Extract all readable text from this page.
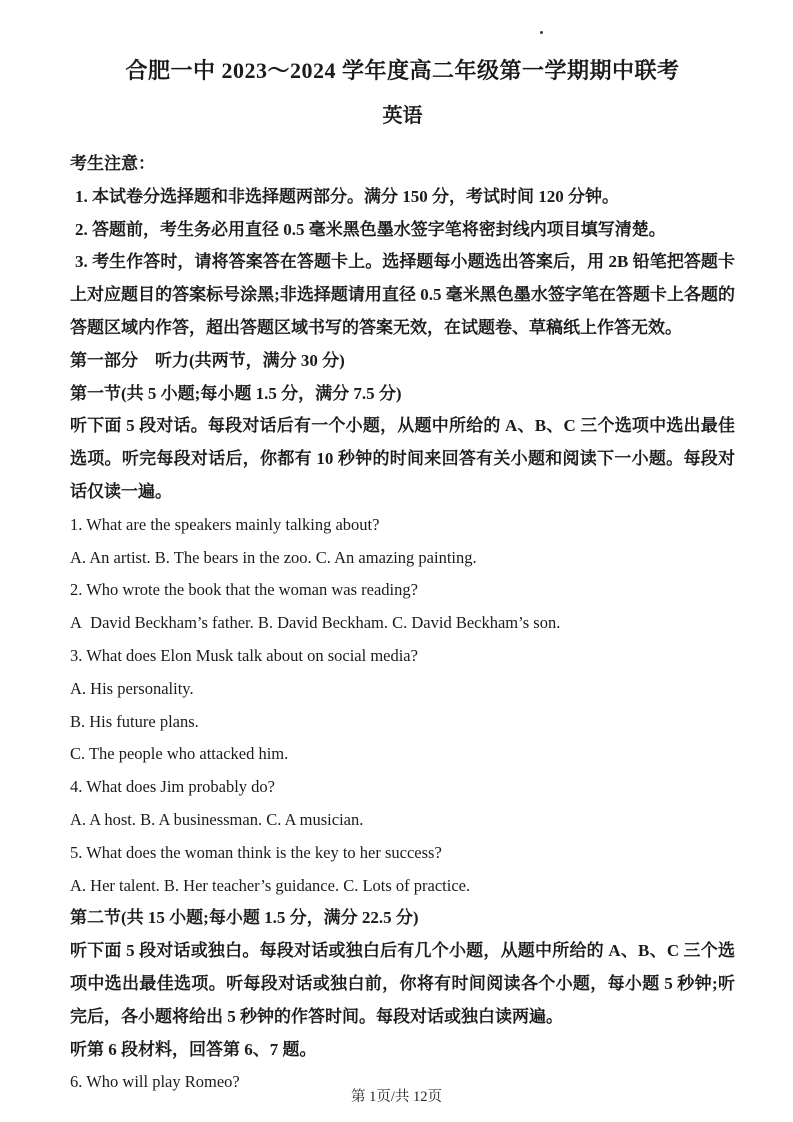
合肥一中 2023～2024 学年度高二年级第一学期期中联考
英语

考生注意：

1. 本试卷分选择题和非选择题两部分。满分 150 分，考试时间 120 分钟。

2. 答题前，考生务必用直径 0.5 毫米黑色墨水签字笔将密封线内项目填写清楚。

3. 考生作答时，请将答案答在答题卡上。选择题每小题选出答案后，用 2B 铅笔把答题卡上对应题目的答案标号涂黑;非选择题请用直径 0.5 毫米黑色墨水签字笔在答题卡上各题的答题区域内作答，超出答题区域书写的答案无效，在试题卷、草稿纸上作答无效。

第一部分　听力(共两节，满分 30 分)

第一节(共 5 小题;每小题 1.5 分，满分 7.5 分)

听下面 5 段对话。每段对话后有一个小题，从题中所给的 A、B、C 三个选项中选出最佳选项。听完每段对话后，你都有 10 秒钟的时间来回答有关小题和阅读下一小题。每段对话仅读一遍。

1. What are the speakers mainly talking about?

A. An artist. B. The bears in the zoo. C. An amazing painting.

2. Who wrote the book that the woman was reading?

A David Beckham’s father. B. David Beckham. C. David Beckham’s son.

3. What does Elon Musk talk about on social media?

A. His personality.

B. His future plans.

C. The people who attacked him.

4. What does Jim probably do?

A. A host. B. A businessman. C. A musician.

5. What does the woman think is the key to her success?

A. Her talent. B. Her teacher’s guidance. C. Lots of practice.

第二节(共 15 小题;每小题 1.5 分，满分 22.5 分)

听下面 5 段对话或独白。每段对话或独白后有几个小题，从题中所给的 A、B、C 三个选项中选出最佳选项。听每段对话或独白前，你将有时间阅读各个小题，每小题 5 秒钟;听完后，各小题将给出 5 秒钟的作答时间。每段对话或独白读两遍。

听第 6 段材料，回答第 6、7 题。

6. Who will play Romeo?

第 1页/共 12页
